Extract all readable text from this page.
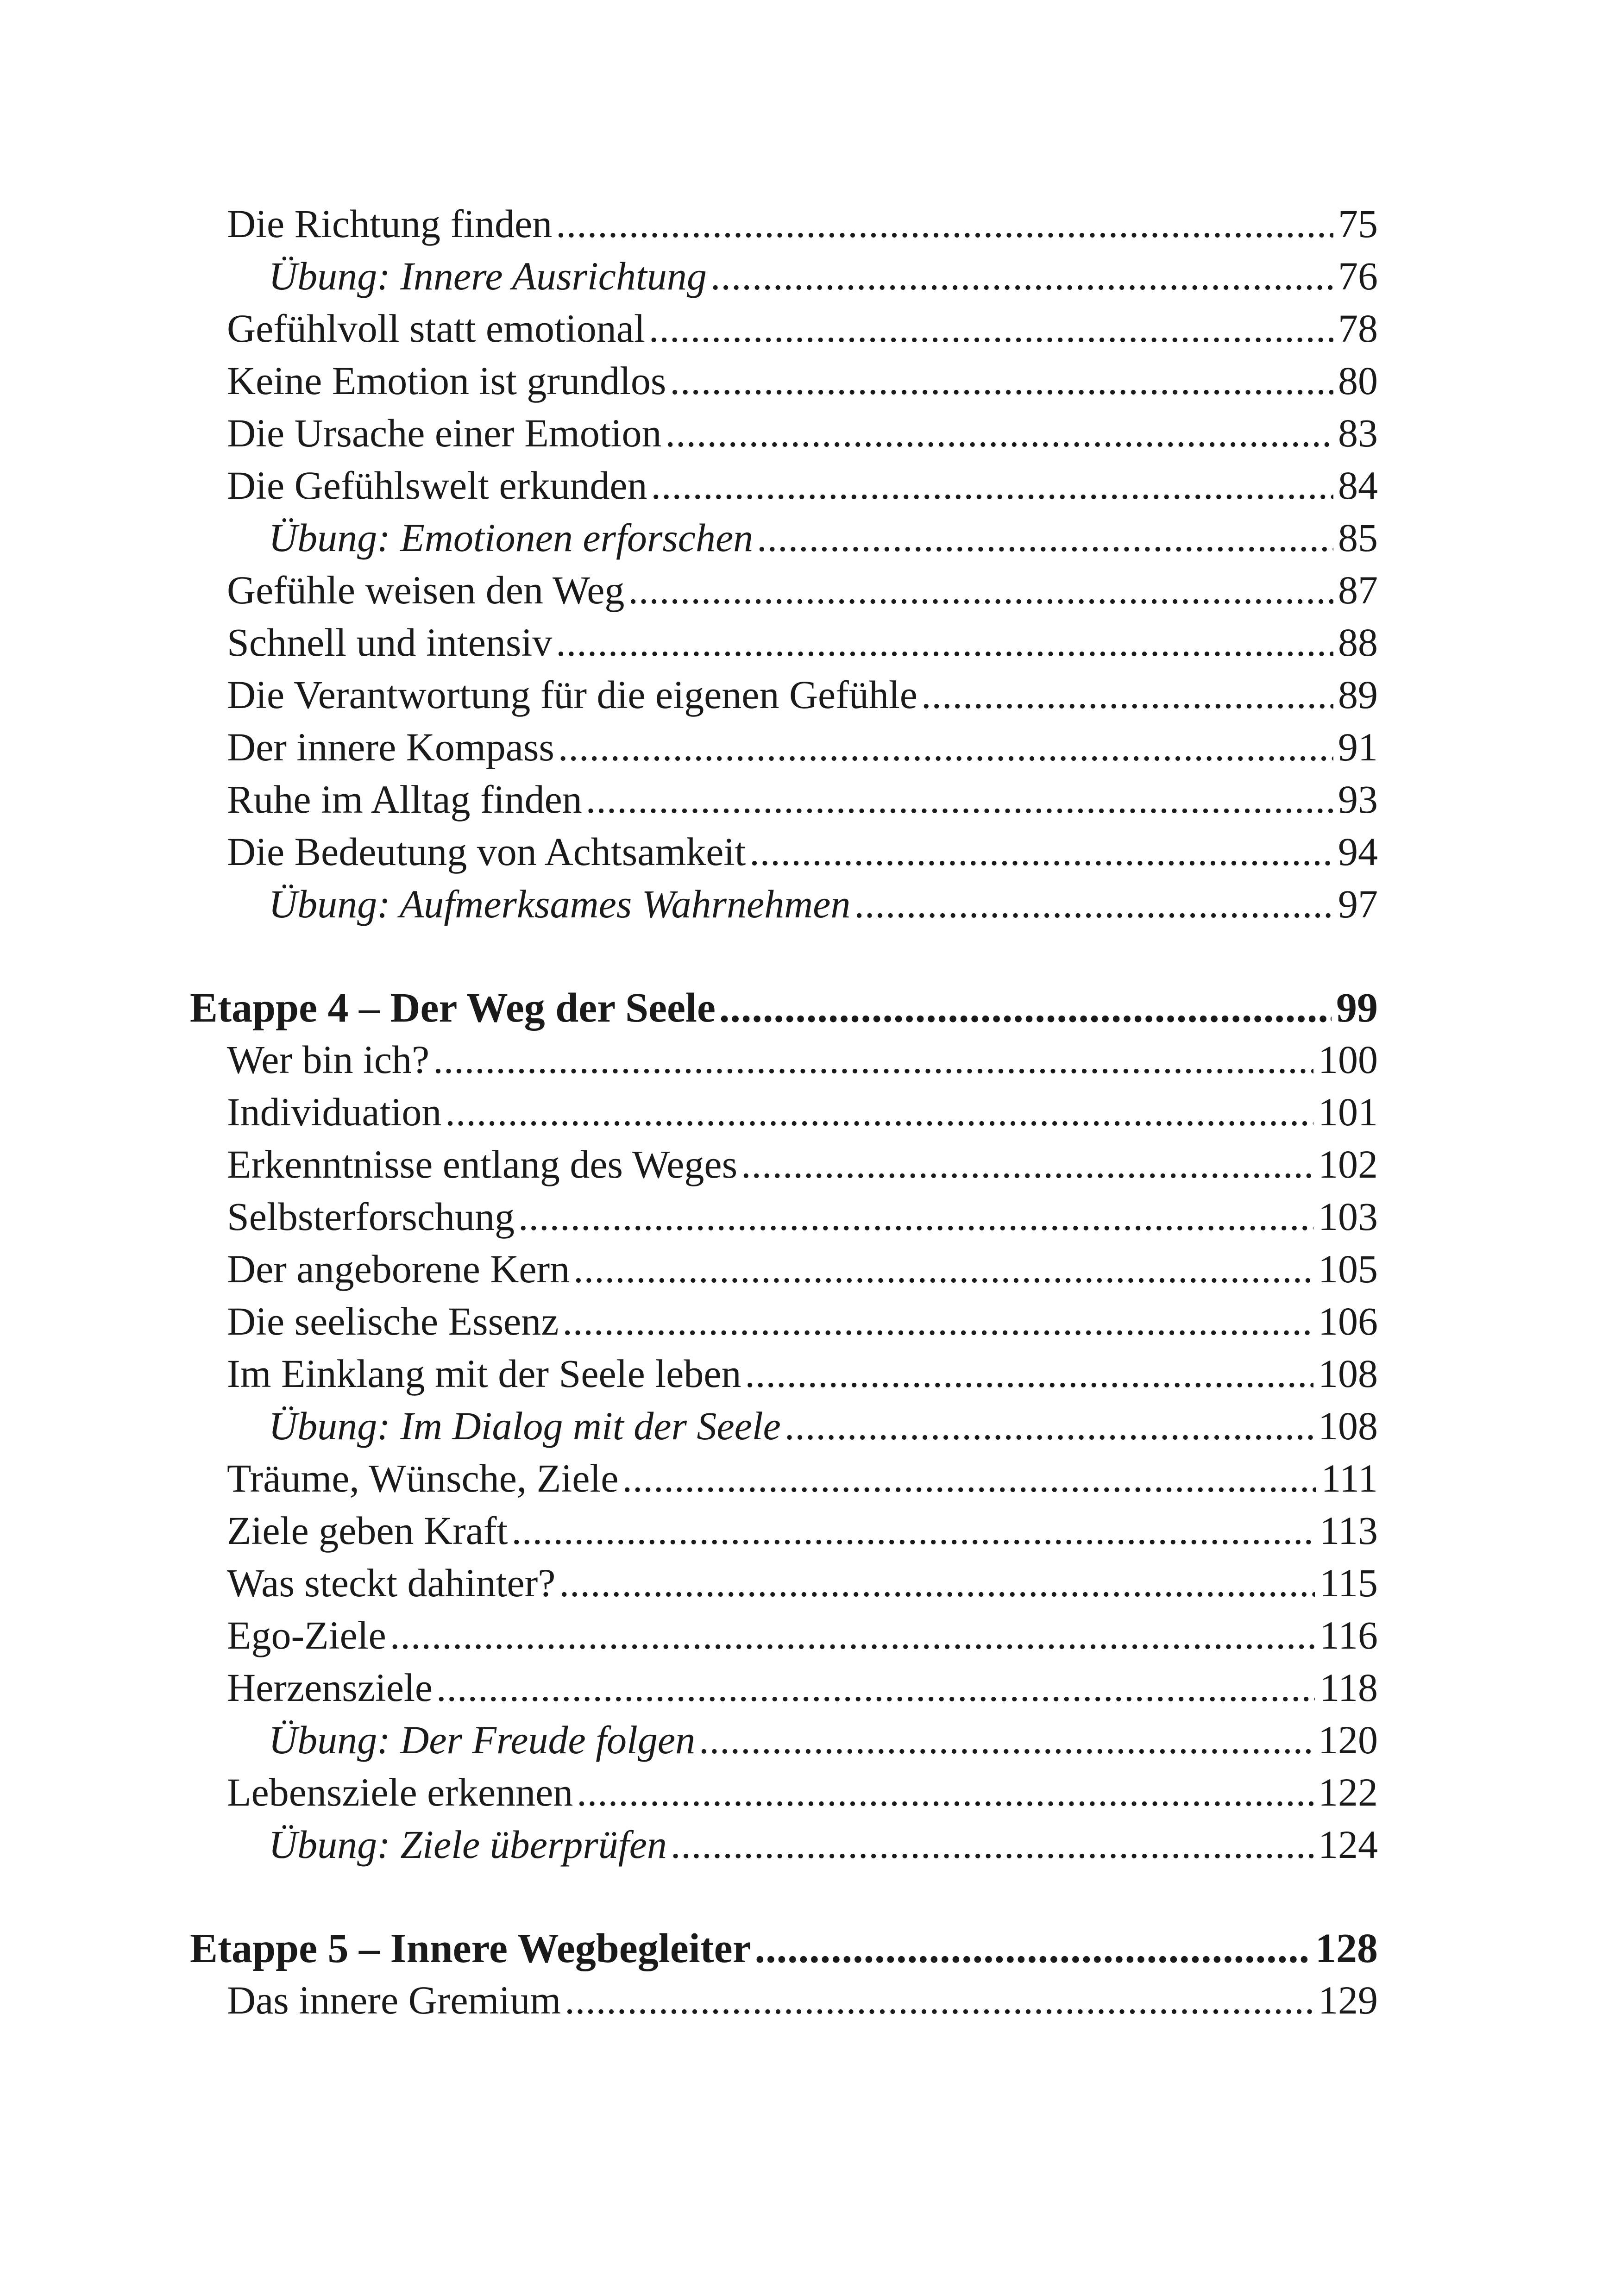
Die Richtung finden .....	75
Übung: Innere Ausrichtung .....	76
Gefühlvoll statt emotional .....	78
Keine Emotion ist grundlos .....	80
Die Ursache einer Emotion .....	83
Die Gefühlswelt erkunden .....	84
Übung: Emotionen erforschen .....	85
Gefühle weisen den Weg .....	87
Schnell und intensiv .....	88
Die Verantwortung für die eigenen Gefühle .....	89
Der innere Kompass .....	91
Ruhe im Alltag finden .....	93
Die Bedeutung von Achtsamkeit .....	94
Übung: Aufmerksames Wahrnehmen .....	97
Etappe 4 – Der Weg der Seele .....	99
Wer bin ich? .....	100
Individuation .....	101
Erkenntnisse entlang des Weges .....	102
Selbsterforschung .....	103
Der angeborene Kern .....	105
Die seelische Essenz .....	106
Im Einklang mit der Seele leben .....	108
Übung: Im Dialog mit der Seele .....	108
Träume, Wünsche, Ziele .....	111
Ziele geben Kraft .....	113
Was steckt dahinter? .....	115
Ego-Ziele .....	116
Herzensziele .....	118
Übung: Der Freude folgen .....	120
Lebensziele erkennen .....	122
Übung: Ziele überprüfen .....	124
Etappe 5 – Innere Wegbegleiter .....	128
Das innere Gremium .....	129
